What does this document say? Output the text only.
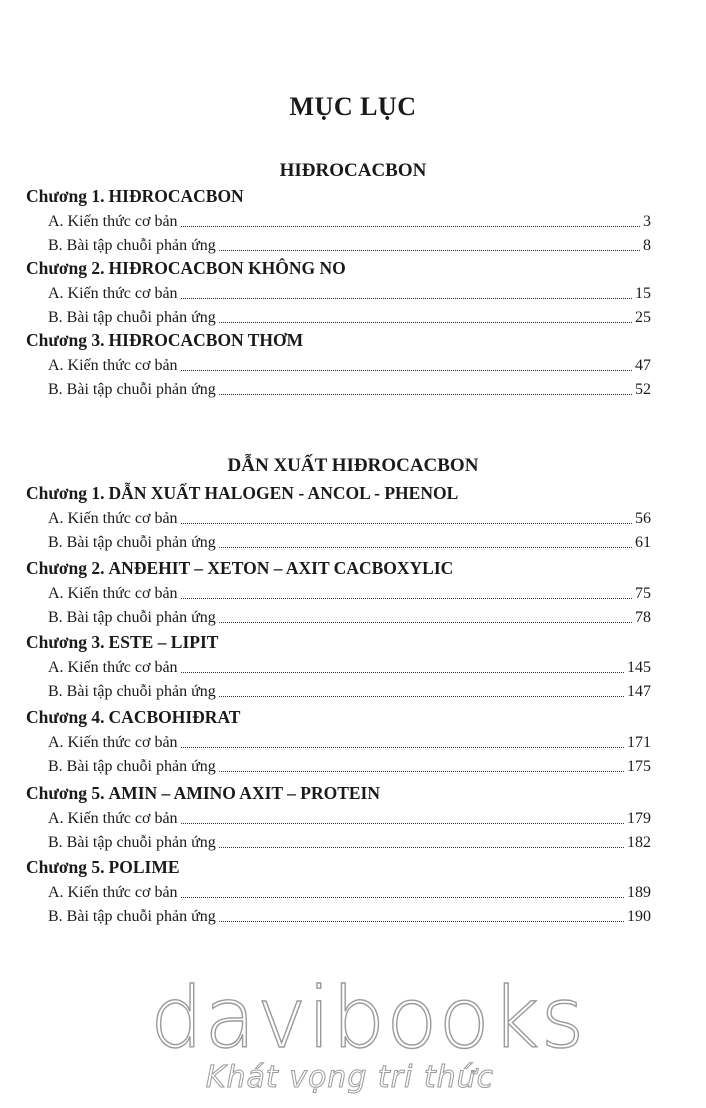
MỤC LỤC
HIĐROCACBON
Chương 1. HIĐROCACBON
A. Kiến thức cơ bản	3
B. Bài tập chuỗi phản ứng	8
Chương 2. HIĐROCACBON KHÔNG NO
A. Kiến thức cơ bản	15
B. Bài tập chuỗi phản ứng	25
Chương 3. HIĐROCACBON THƠM
A. Kiến thức cơ bản	47
B. Bài tập chuỗi phản ứng	52
DẪN XUẤT HIĐROCACBON
Chương 1. DẪN XUẤT HALOGEN - ANCOL - PHENOL
A. Kiến thức cơ bản	56
B. Bài tập chuỗi phản ứng	61
Chương 2. ANĐEHIT – XETON – AXIT CACBOXYLIC
A. Kiến thức cơ bản	75
B. Bài tập chuỗi phản ứng	78
Chương 3. ESTE – LIPIT
A. Kiến thức cơ bản	145
B. Bài tập chuỗi phản ứng	147
Chương 4. CACBOHIĐRAT
A. Kiến thức cơ bản	171
B. Bài tập chuỗi phản ứng	175
Chương 5. AMIN – AMINO AXIT – PROTEIN
A. Kiến thức cơ bản	179
B. Bài tập chuỗi phản ứng	182
Chương 5. POLIME
A. Kiến thức cơ bản	189
B. Bài tập chuỗi phản ứng	190
davibooks
Khát vọng tri thức
